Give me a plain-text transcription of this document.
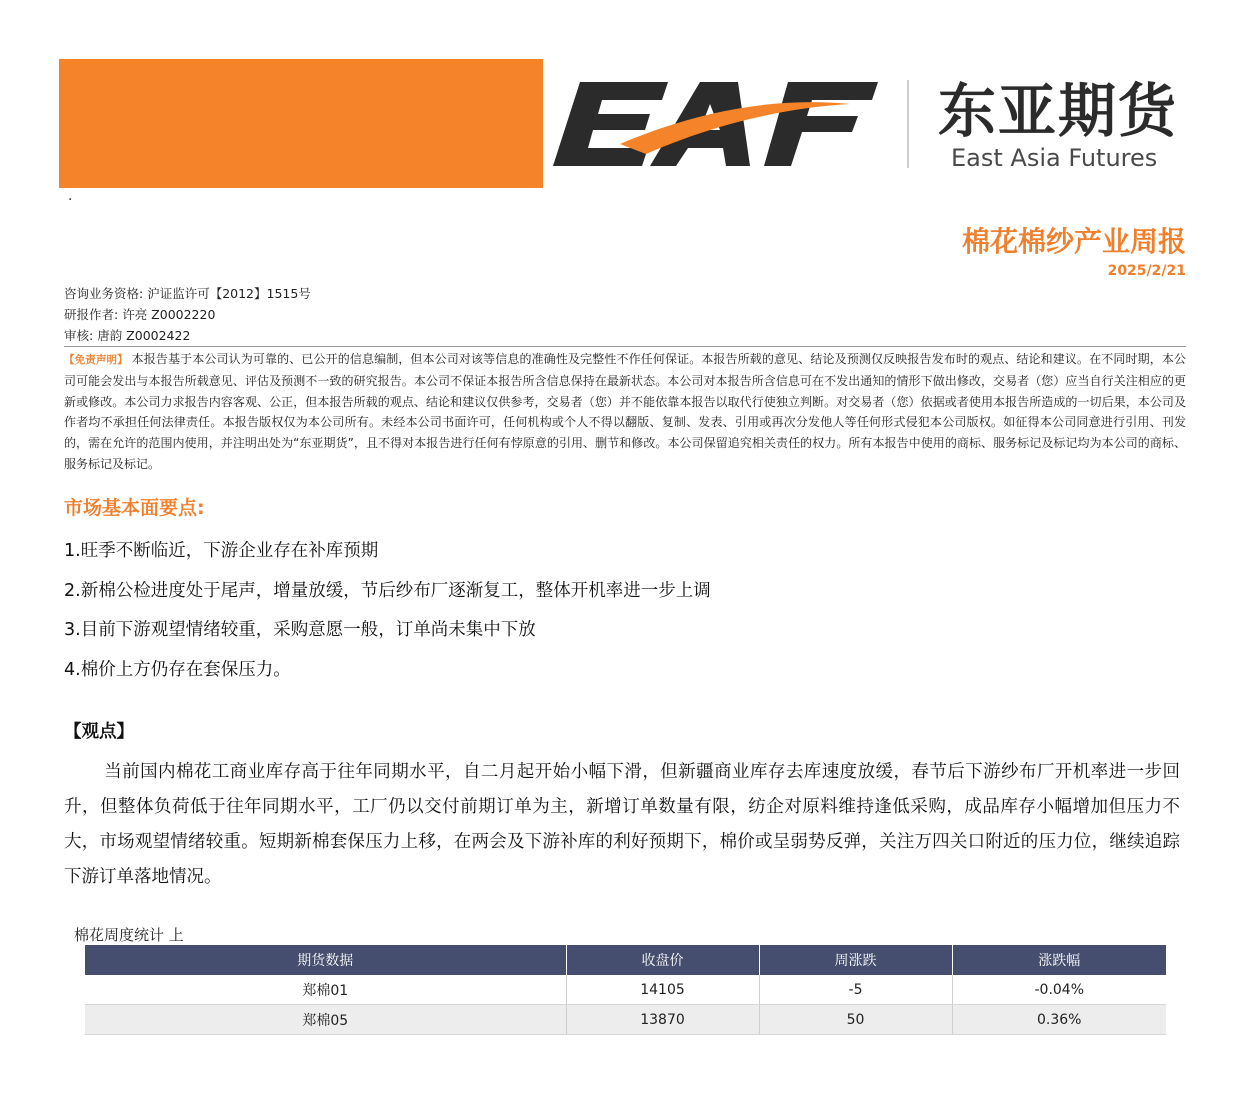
东亚期货
East Asia Futures
.
棉花棉纱产业周报
2025/2/21
咨询业务资格: 沪证监许可【2012】1515号
研报作者: 许亮 Z0002220
审核: 唐韵 Z0002422
【免责声明】 本报告基于本公司认为可靠的、已公开的信息编制，但本公司对该等信息的准确性及完整性不作任何保证。本报告所载的意见、结论及预测仅反映报告发布时的观点、结论和建议。在不同时期，本公司可能会发出与本报告所载意见、评估及预测不一致的研究报告。本公司不保证本报告所含信息保持在最新状态。本公司对本报告所含信息可在不发出通知的情形下做出修改，交易者（您）应当自行关注相应的更新或修改。本公司力求报告内容客观、公正，但本报告所载的观点、结论和建议仅供参考，交易者（您）并不能依靠本报告以取代行使独立判断。对交易者（您）依据或者使用本报告所造成的一切后果，本公司及作者均不承担任何法律责任。本报告版权仅为本公司所有。未经本公司书面许可，任何机构或个人不得以翻版、复制、发表、引用或再次分发他人等任何形式侵犯本公司版权。如征得本公司同意进行引用、刊发的，需在允许的范围内使用，并注明出处为“东亚期货”，且不得对本报告进行任何有悖原意的引用、删节和修改。本公司保留追究相关责任的权力。所有本报告中使用的商标、服务标记及标记均为本公司的商标、服务标记及标记。
市场基本面要点:
1.旺季不断临近，下游企业存在补库预期
2.新棉公检进度处于尾声，增量放缓，节后纱布厂逐渐复工，整体开机率进一步上调
3.目前下游观望情绪较重，采购意愿一般，订单尚未集中下放
4.棉价上方仍存在套保压力。
【观点】
当前国内棉花工商业库存高于往年同期水平，自二月起开始小幅下滑，但新疆商业库存去库速度放缓，春节后下游纱布厂开机率进一步回升，但整体负荷低于往年同期水平，工厂仍以交付前期订单为主，新增订单数量有限，纺企对原料维持逢低采购，成品库存小幅增加但压力不大，市场观望情绪较重。短期新棉套保压力上移，在两会及下游补库的利好预期下，棉价或呈弱势反弹，关注万四关口附近的压力位，继续追踪下游订单落地情况。
棉花周度统计 上
期货数据	收盘价	周涨跌	涨跌幅
郑棉01	14105	-5	-0.04%
郑棉05	13870	50	0.36%
